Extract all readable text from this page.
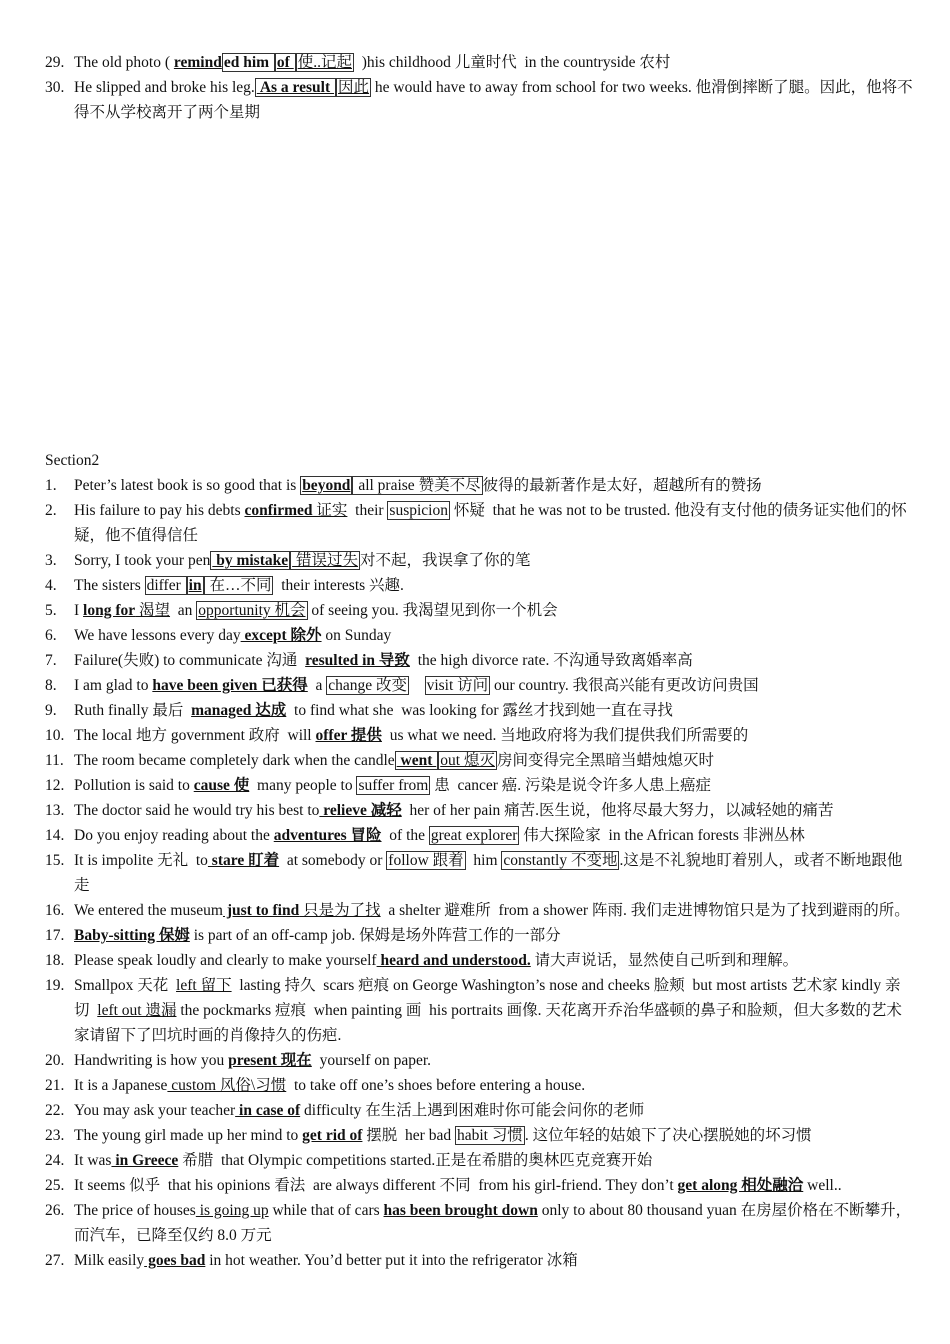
29. The old photo ( remind ed him of 使..记起  )his childhood 儿童时代  in the countryside 农村
30. He slipped and broke his leg. As a result 因此 he would have to away from school for two weeks. 他滑倒摔断了腿。因此，他将不得不从学校离开了两个星期
Section2
1. Peter’s latest book is so good that is beyond all praise 赞美不尽 彼得的最新著作是太好，超越所有的赞扬
2. His failure to pay his debts confirmed 证实  their suspicion 怀疑  that he was not to be trusted. 他没有支付他的债务证实他们的怀疑，他不值得信任
3. Sorry, I took your pen by mistake 错误过失 对不起，我误拿了你的笔
4. The sisters differ in 在…不同  their interests 兴趣.
5. I long for 渴望  an opportunity 机会 of seeing you. 我渴望见到你一个机会
6. We have lessons every day except 除外 on Sunday
7. Failure(失败) to communicate 沟通  resulted in 导致  the high divorce rate. 不沟通导致离婚率高
8. I am glad to have been given 已获得  a change 改变 visit 访问 our country. 我很高兴能有更改访问贵国
9. Ruth finally 最后  managed 达成  to find what she  was looking for 露丝才找到她一直在寻找
10. The local 地方 government 政府  will offer 提供  us what we need. 当地政府将为我们提供我们所需要的
11. The room became completely dark when the candle went out 熄灭 房间变得完全黑暗当蜡烛熄灭时
12. Pollution is said to cause 使  many people to suffer from 患  cancer 癌. 污染是说令许多人患上癌症
13. The doctor said he would try his best to relieve 减轻  her of her pain 痛苦.医生说，他将尽最大努力，以减轻她的痛苦
14. Do you enjoy reading about the adventures 冒险  of the great explorer 伟大探险家  in the African forests 非洲丛林
15. It is impolite 无礼  to stare 盯着  at somebody or follow 跟着  him constantly 不变地 .这是不礼貌地盯着别人，或者不断地跟他走
16. We entered the museum just to find 只是为了找  a shelter 避难所  from a shower 阵雨. 我们走进博物馆只是为了找到避雨的所。
17. Baby-sitting 保姆 is part of an off-camp job. 保姆是场外阵营工作的一部分
18. Please speak loudly and clearly to make yourself heard and understood. 请大声说话，显然使自己听到和理解。
19. Smallpox 天花  left 留下  lasting 持久  scars 疤痕 on George Washington’s nose and cheeks 脸颊  but most artists 艺术家 kindly 亲切  left out 遗漏 the pockmarks 痘痕  when painting 画  his portraits 画像. 天花离开乔治华盛顿的鼻子和脸颊，但大多数的艺术家请留下了凹坑时画的肖像持久的伤疤.
20. Handwriting is how you present 现在  yourself on paper.
21. It is a Japanese custom 风俗\习惯  to take off one’s shoes before entering a house.
22. You may ask your teacher in case of difficulty 在生活上遇到困难时你可能会问你的老师
23. The young girl made up her mind to get rid of 摆脱  her bad habit 习惯 . 这位年轻的姑娘下了决心摆脱她的坏习惯
24. It was in Greece 希腊  that Olympic competitions started.正是在希腊的奥林匹克竞赛开始
25. It seems 似乎  that his opinions 看法  are always different 不同  from his girl-friend. They don’t get along 相处融洽 well..
26. The price of houses is going up while that of cars has been brought down only to about 80 thousand yuan 在房屋价格在不断攀升，而汽车，已降至仅约 8.0 万元
27. Milk easily goes bad in hot weather. You’d better put it into the refrigerator 冰箱
